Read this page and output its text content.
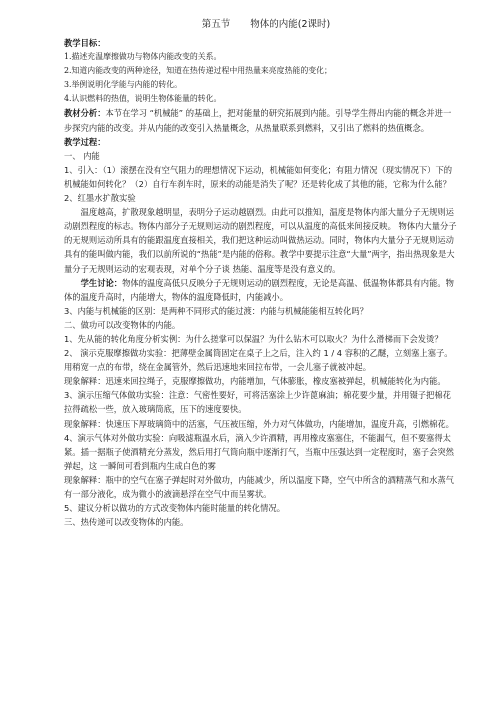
第五节 物体的内能(2课时)

教学目标：

1.描述充温摩擦做功与物体内能改变的关系。

2.知道内能改变的两种途径，知道在热传递过程中用热量来亮度热能的变化；

3.举例说明化学能与内能的转化。

4.认识燃料的热值，说明生物体能量的转化。

教材分析：本节在学习 “机械能” 的基础上，把对能量的研究拓展到内能。引导学生得出内能的概念并进一步探究内能的改变。并从内能的改变引入热量概念，从热量联系到燃料，又引出了燃料的热值概念。

教学过程：

一、 内能

1、引入：（1）滚摆在没有空气阻力的理想情况下运动，机械能如何变化；有阻力情况（现实情况下）下的机械能如何转化？（2）自行车刹车时，原来的动能是消失了呢？还是转化成了其他的能，它称为什么能？

2、红墨水扩散实验

温度越高，扩散现象越明显，表明分子运动越剧烈。由此可以推知，温度是物体内部大量分子无规则运动剧烈程度的标志。物体内部分子无规则运动的剧烈程度，可以从温度的高低来间接反映。 物体内大量分子的无规则运动所具有的能跟温度直接相关，我们把这种运动叫做热运动。同时，物体内大量分子无规则运动具有的能叫做内能，我们以前所说的“热能”是内能的俗称。教学中要提示注意“大量”两字，指出热现象是大量分子无规则运动的宏观表现，对单个分子谈 热能、温度等是没有意义的。

学生讨论：物体的温度高低只反映分子无规则运动的剧烈程度，无论是高温、低温物体都具有内能。物体的温度升高时，内能增大，物体的温度降低时，内能减小。

3、内能与机械能的区别：是两种不同形式的能过渡：内能与机械能能相互转化吗？

二、做功可以改变物体的内能。

1、先从能的转化角度分析实例：为什么搓掌可以保温？为什么钻木可以取火？为什么滑梯而下会发烫？

2、 演示克服摩擦做功实验：把薄壁金属筒固定在桌子上之后，注入约 1 / 4 容积的乙醚，立刻塞上塞子。用稍宽一点的布带，绕在金属管外，然后迅速地来回拉布带，一会儿塞子就被冲起。

现象解释：迅速来回拉绳子，克服摩擦做功，内能增加，气体膨胀，橡皮塞被弹起，机械能转化为内能。

3、演示压缩气体做功实验：注意：气密性要好，可将活塞涂上少许蓖麻油；棉花要少量，并用镊子把棉花拉得疏松一些，放入玻璃筒底，压下的速度要快。

现象解释：快速压下厚玻璃筒中的活塞，气压被压缩，外力对气体做功，内能增加，温度升高，引燃棉花。

4、演示气体对外做功实验：向吸滤瓶温水后，滴入少许酒精，再用橡皮塞塞住，不能漏气，但不要塞得太紧。插一据瓶子使酒精充分蒸发，然后用打气筒向瓶中逐渐打气，当瓶中压强达到一定程度时，塞子会突然弹起，这 一瞬间可看到瓶内生成白色的雾

现象解释：瓶中的空气在塞子弹起时对外做功，内能减少，所以温度下降，空气中所含的酒精蒸气和水蒸气有一部分液化，成为微小的液滴悬浮在空气中而呈雾状。

5、建议分析以做功的方式改变物体内能时能量的转化情况。

三、热传递可以改变物体的内能。
